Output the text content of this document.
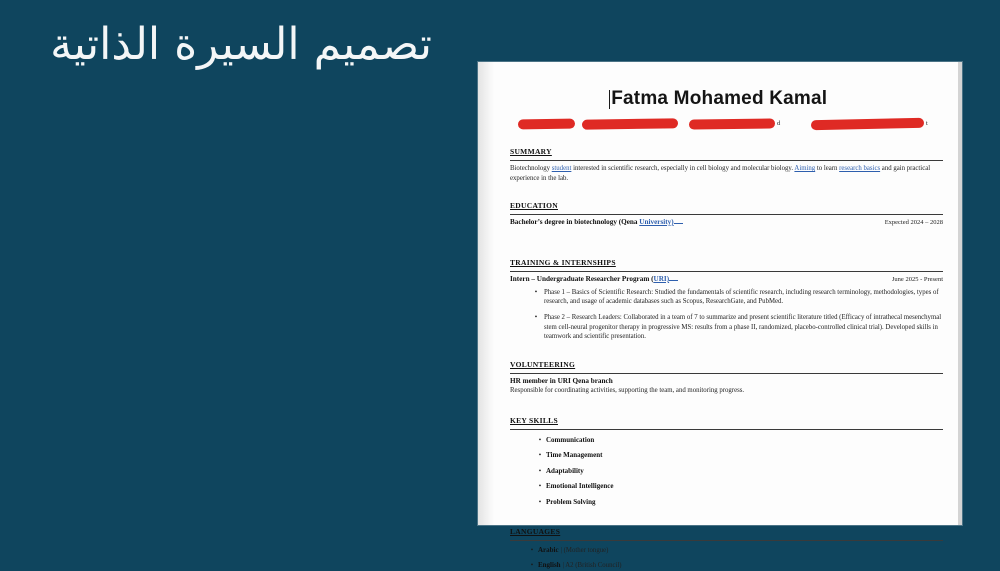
تصميم السيرة الذاتية
Fatma Mohamed Kamal
d	t
SUMMARY

Biotechnology student interested in scientific research, especially in cell biology and molecular biology. Aiming to learn research basics and gain practical experience in the lab.

EDUCATION
Bachelor’s degree in biotechnology (Qena University)	Expected 2024 – 2028
TRAINING & INTERNSHIPS
Intern – Undergraduate Researcher Program (URI)	June 2025 - Present
•
Phase 1 – Basics of Scientific Research: Studied the fundamentals of scientific research, including research terminology, methodologies, types of research, and usage of academic databases such as Scopus, ResearchGate, and PubMed.
•
Phase 2 – Research Leaders: Collaborated in a team of 7 to summarize and present scientific literature titled (Efficacy of intrathecal mesenchymal stem cell-neural progenitor therapy in progressive MS: results from a phase II, randomized, placebo-controlled clinical trial). Developed skills in teamwork and scientific presentation.
VOLUNTEERING
HR member in URI Qena branch

Responsible for coordinating activities, supporting the team, and monitoring progress.

KEY SKILLS
•
Communication
•
Time Management
•
Adaptability
•
Emotional Intelligence
•
Problem Solving
LANGUAGES
•
Arabic | (Mother tongue)
•
English | A2 (British Council)
